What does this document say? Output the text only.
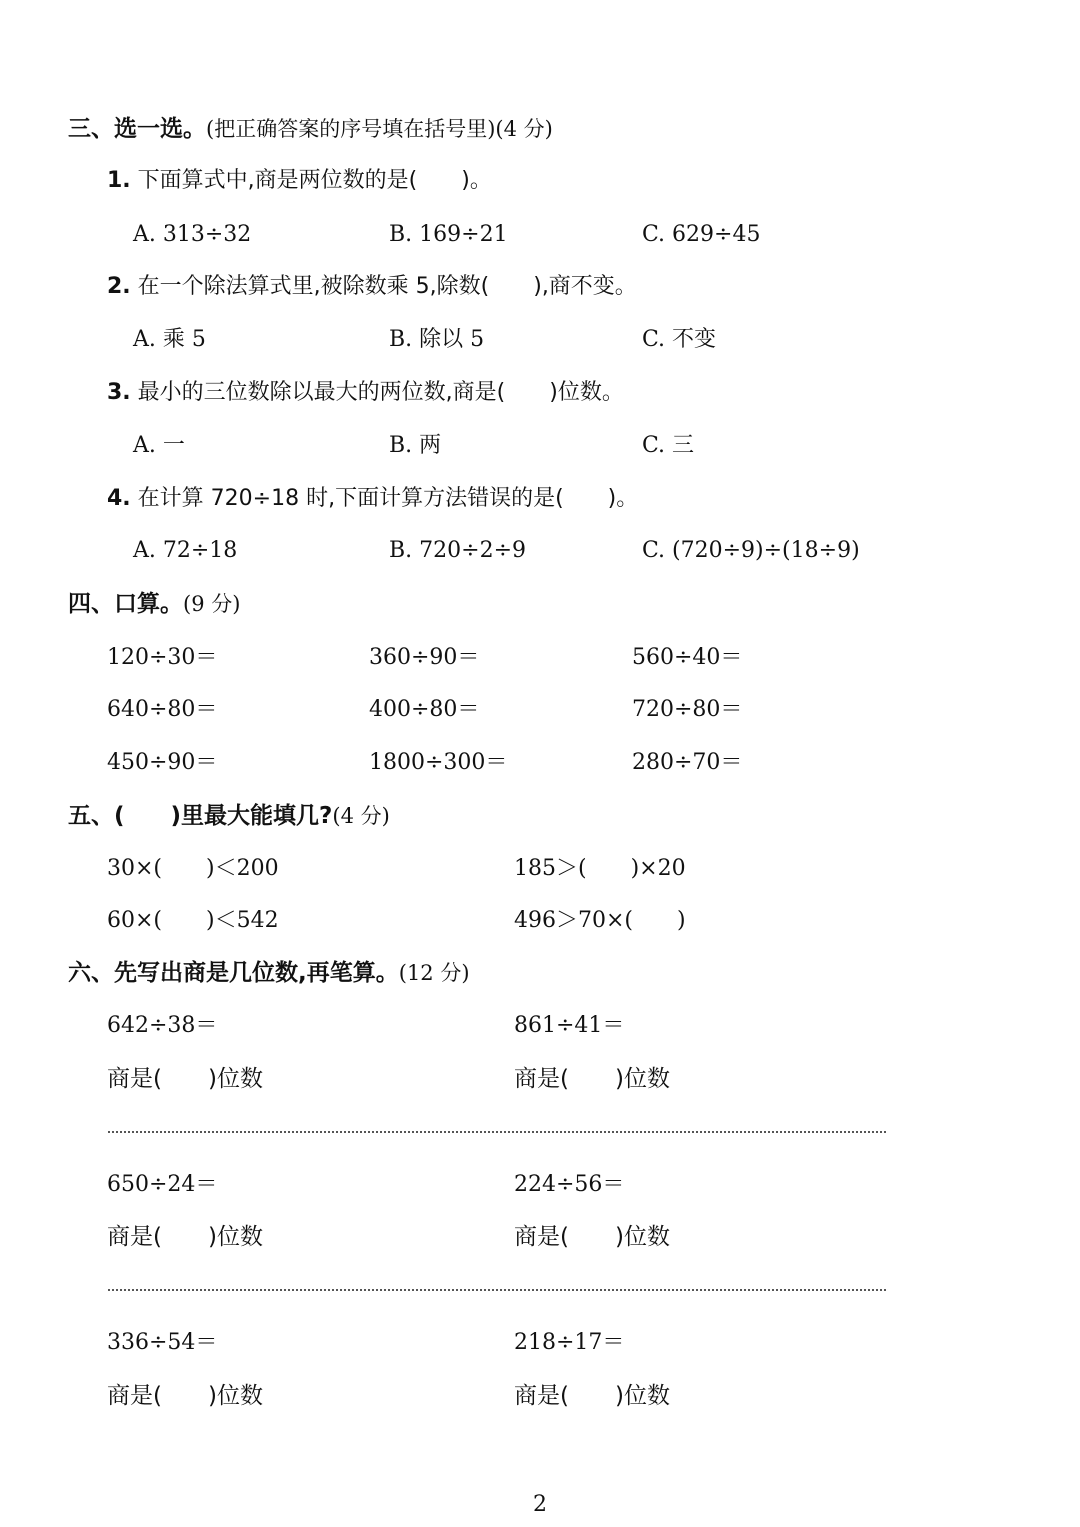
三、选一选。(把正确答案的序号填在括号里)(4 分)
1. 下面算式中,商是两位数的是(　　)。
A. 313÷32	B. 169÷21	C. 629÷45
2. 在一个除法算式里,被除数乘 5,除数(　　),商不变。
A. 乘 5	B. 除以 5	C. 不变
3. 最小的三位数除以最大的两位数,商是(　　)位数。
A. 一	B. 两	C. 三
4. 在计算 720÷18 时,下面计算方法错误的是(　　)。
A. 72÷18	B. 720÷2÷9	C. (720÷9)÷(18÷9)
四、口算。(9 分)
120÷30＝	360÷90＝	560÷40＝
640÷80＝	400÷80＝	720÷80＝
450÷90＝	1800÷300＝	280÷70＝
五、(　　)里最大能填几?(4 分)
30×(　　)＜200	185＞(　　)×20
60×(　　)＜542	496＞70×(　　)
六、先写出商是几位数,再笔算。(12 分)
642÷38＝	861÷41＝
商是(　　)位数	商是(　　)位数
650÷24＝	224÷56＝
商是(　　)位数	商是(　　)位数
336÷54＝	218÷17＝
商是(　　)位数	商是(　　)位数
2
